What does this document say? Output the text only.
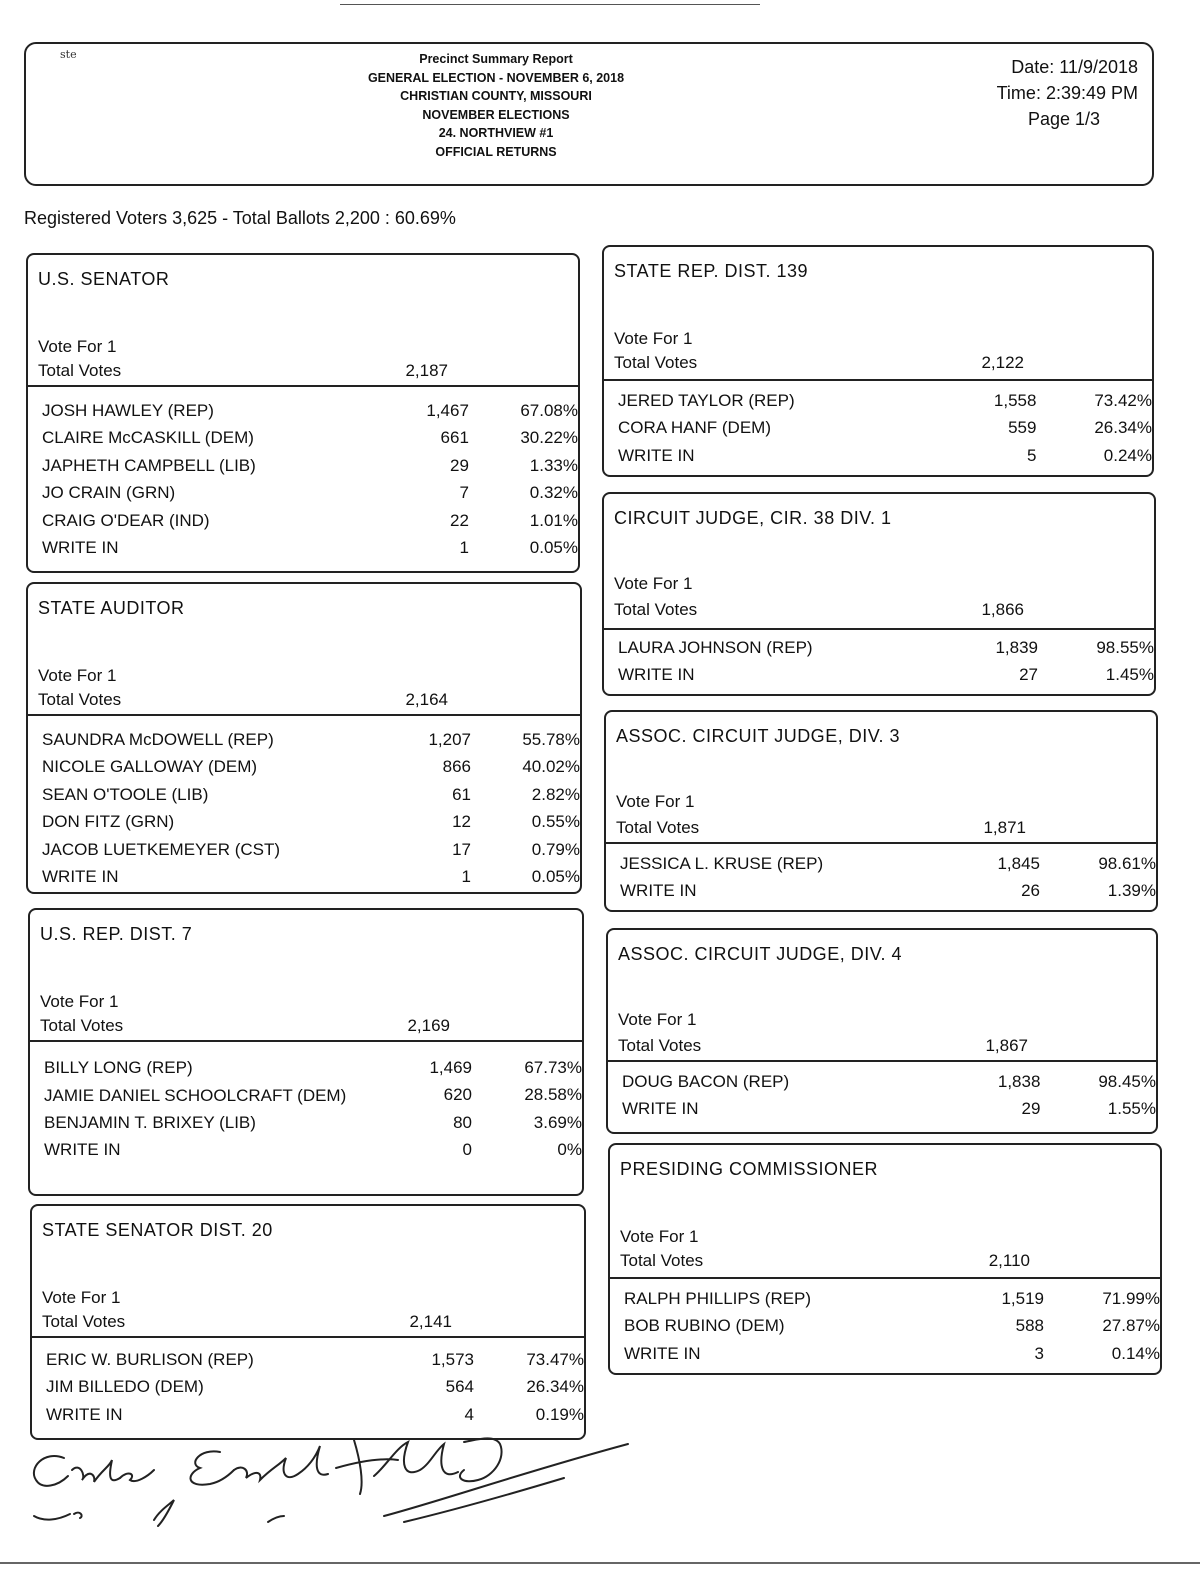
ste	Precinct Summary Report
GENERAL ELECTION - NOVEMBER 6, 2018
CHRISTIAN COUNTY, MISSOURI
NOVEMBER ELECTIONS
24. NORTHVIEW #1
OFFICIAL RETURNS
Date: 11/9/2018
Time: 2:39:49 PM
Page 1/3
Registered Voters 3,625 - Total Ballots 2,200 : 60.69%
U.S. SENATOR
Vote For 1
Total Votes	2,187
JOSH HAWLEY (REP)	1,467	67.08%
CLAIRE McCASKILL (DEM)	661	30.22%
JAPHETH CAMPBELL (LIB)	29	1.33%
JO CRAIN (GRN)	7	0.32%
CRAIG O'DEAR (IND)	22	1.01%
WRITE IN	1	0.05%
STATE AUDITOR
Vote For 1
Total Votes	2,164
SAUNDRA McDOWELL (REP)	1,207	55.78%
NICOLE GALLOWAY (DEM)	866	40.02%
SEAN O'TOOLE (LIB)	61	2.82%
DON FITZ (GRN)	12	0.55%
JACOB LUETKEMEYER (CST)	17	0.79%
WRITE IN	1	0.05%
U.S. REP. DIST. 7
Vote For 1
Total Votes	2,169
BILLY LONG (REP)	1,469	67.73%
JAMIE DANIEL SCHOOLCRAFT (DEM)	620	28.58%
BENJAMIN T. BRIXEY (LIB)	80	3.69%
WRITE IN	0	0%
STATE SENATOR DIST. 20
Vote For 1
Total Votes	2,141
ERIC W. BURLISON (REP)	1,573	73.47%
JIM BILLEDO (DEM)	564	26.34%
WRITE IN	4	0.19%
STATE REP. DIST. 139
Vote For 1
Total Votes	2,122
JERED TAYLOR (REP)	1,558	73.42%
CORA HANF (DEM)	559	26.34%
WRITE IN	5	0.24%
CIRCUIT JUDGE, CIR. 38 DIV. 1
Vote For 1
Total Votes	1,866
LAURA JOHNSON (REP)	1,839	98.55%
WRITE IN	27	1.45%
ASSOC. CIRCUIT JUDGE, DIV. 3
Vote For 1
Total Votes	1,871
JESSICA L. KRUSE (REP)	1,845	98.61%
WRITE IN	26	1.39%
ASSOC. CIRCUIT JUDGE, DIV. 4
Vote For 1
Total Votes	1,867
DOUG BACON (REP)	1,838	98.45%
WRITE IN	29	1.55%
PRESIDING COMMISSIONER
Vote For 1
Total Votes	2,110
RALPH PHILLIPS (REP)	1,519	71.99%
BOB RUBINO (DEM)	588	27.87%
WRITE IN	3	0.14%
